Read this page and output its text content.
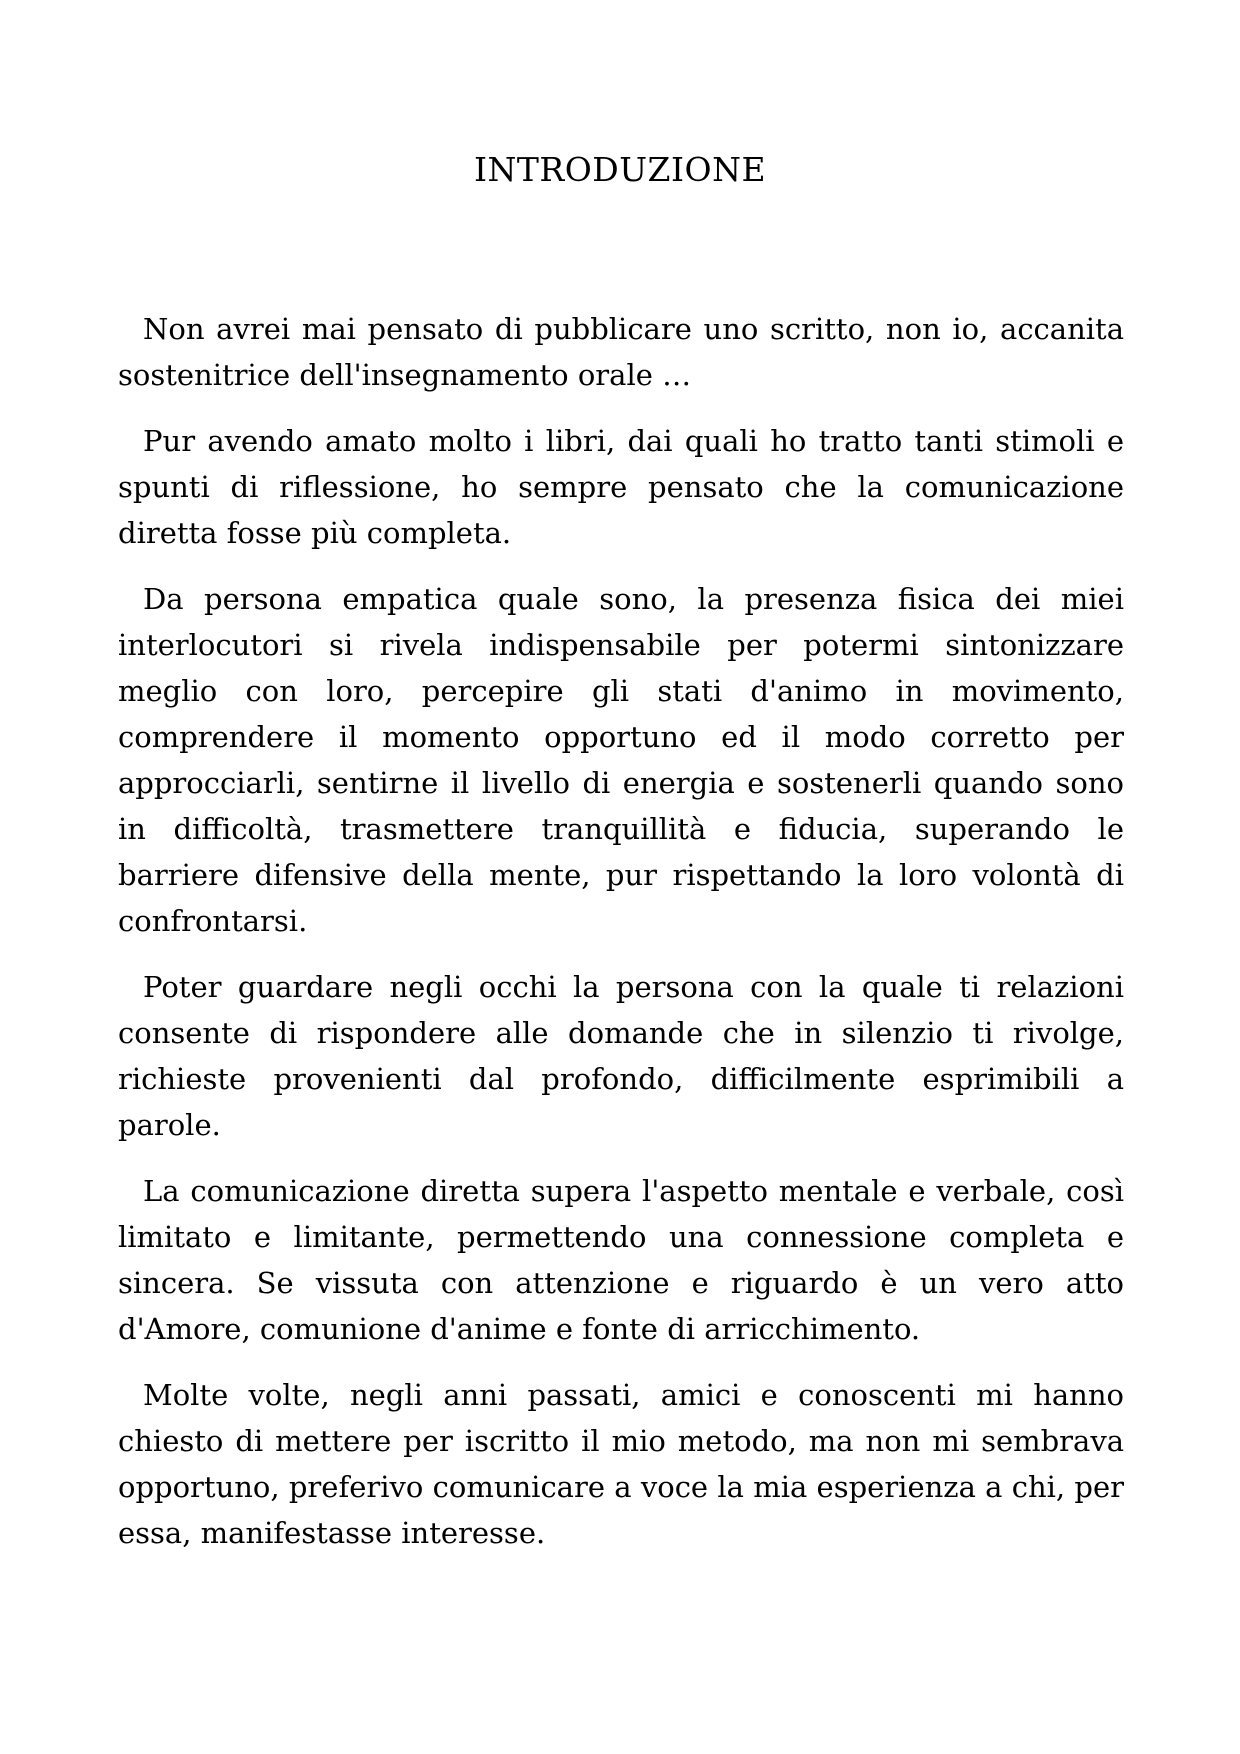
INTRODUZIONE

Non avrei mai pensato di pubblicare uno scritto, non io, accanita sostenitrice dell'insegnamento orale …

Pur avendo amato molto i libri, dai quali ho tratto tanti stimoli e spunti di riflessione, ho sempre pensato che la comunicazione diretta fosse più completa.

Da persona empatica quale sono, la presenza fisica dei miei interlocutori si rivela indispensabile per potermi sintonizzare meglio con loro, percepire gli stati d'animo in movimento, comprendere il momento opportuno ed il modo corretto per approcciarli, sentirne il livello di energia e sostenerli quando sono in difficoltà, trasmettere tranquillità e fiducia, superando le barriere difensive della mente, pur rispettando la loro volontà di confrontarsi.

Poter guardare negli occhi la persona con la quale ti relazioni consente di rispondere alle domande che in silenzio ti rivolge, richieste provenienti dal profondo, difficilmente esprimibili a parole.

La comunicazione diretta supera l'aspetto mentale e verbale, così limitato e limitante, permettendo una connessione completa e sincera. Se vissuta con attenzione e riguardo è un vero atto d'Amore, comunione d'anime e fonte di arricchimento.

Molte volte, negli anni passati, amici e conoscenti mi hanno chiesto di mettere per iscritto il mio metodo, ma non mi sembrava opportuno, preferivo comunicare a voce la mia esperienza a chi, per essa, manifestasse interesse.
